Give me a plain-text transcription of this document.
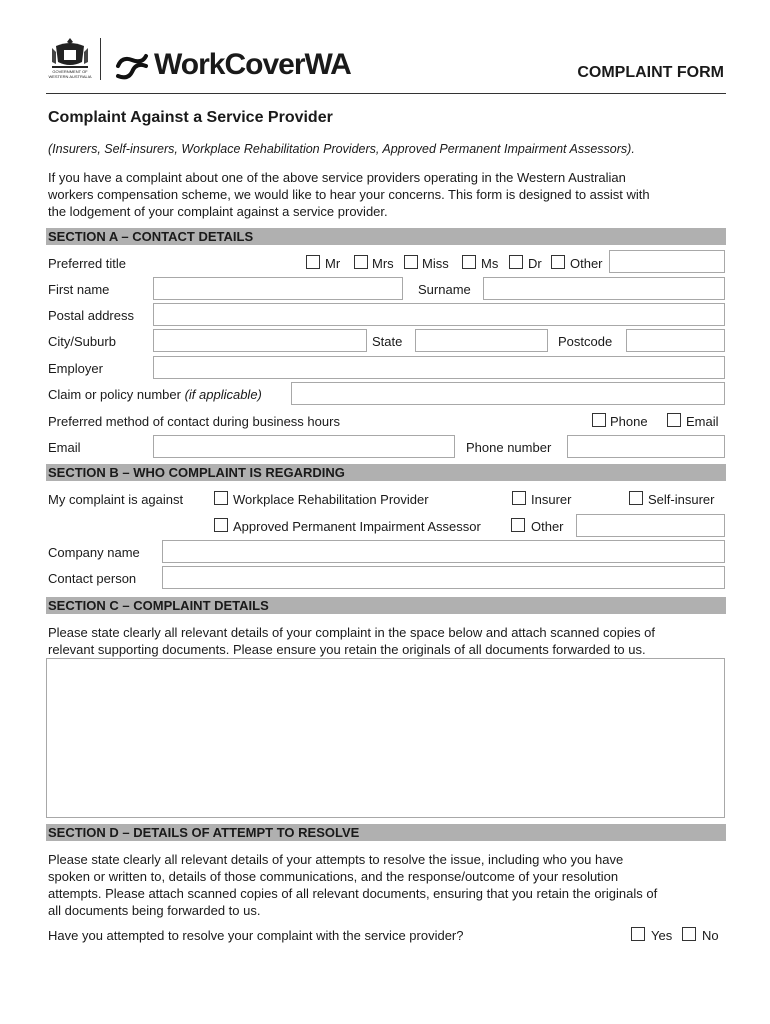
GOVERNMENT OF WESTERN AUSTRALIA WorkCoverWA	COMPLAINT FORM
Complaint Against a Service Provider
(Insurers, Self-insurers, Workplace Rehabilitation Providers, Approved Permanent Impairment Assessors).
If you have a complaint about one of the above service providers operating in the Western Australian
workers compensation scheme, we would like to hear your concerns. This form is designed to assist with
the lodgement of your complaint against a service provider.
SECTION A – CONTACT DETAILS
Preferred title	Mr Mrs Miss Ms Dr Other
First name	Surname
Postal address
City/Suburb	State	Postcode
Employer
Claim or policy number (if applicable)
Preferred method of contact during business hours	Phone	Email
Email	Phone number
SECTION B – WHO COMPLAINT IS REGARDING
My complaint is against	Workplace Rehabilitation Provider	Insurer	Self-insurer
Approved Permanent Impairment Assessor	Other
Company name
Contact person
SECTION C – COMPLAINT DETAILS
Please state clearly all relevant details of your complaint in the space below and attach scanned copies of
relevant supporting documents. Please ensure you retain the originals of all documents forwarded to us.
SECTION D – DETAILS OF ATTEMPT TO RESOLVE
Please state clearly all relevant details of your attempts to resolve the issue, including who you have
spoken or written to, details of those communications, and the response/outcome of your resolution
attempts. Please attach scanned copies of all relevant documents, ensuring that you retain the originals of
all documents being forwarded to us.
Have you attempted to resolve your complaint with the service provider?	Yes No
